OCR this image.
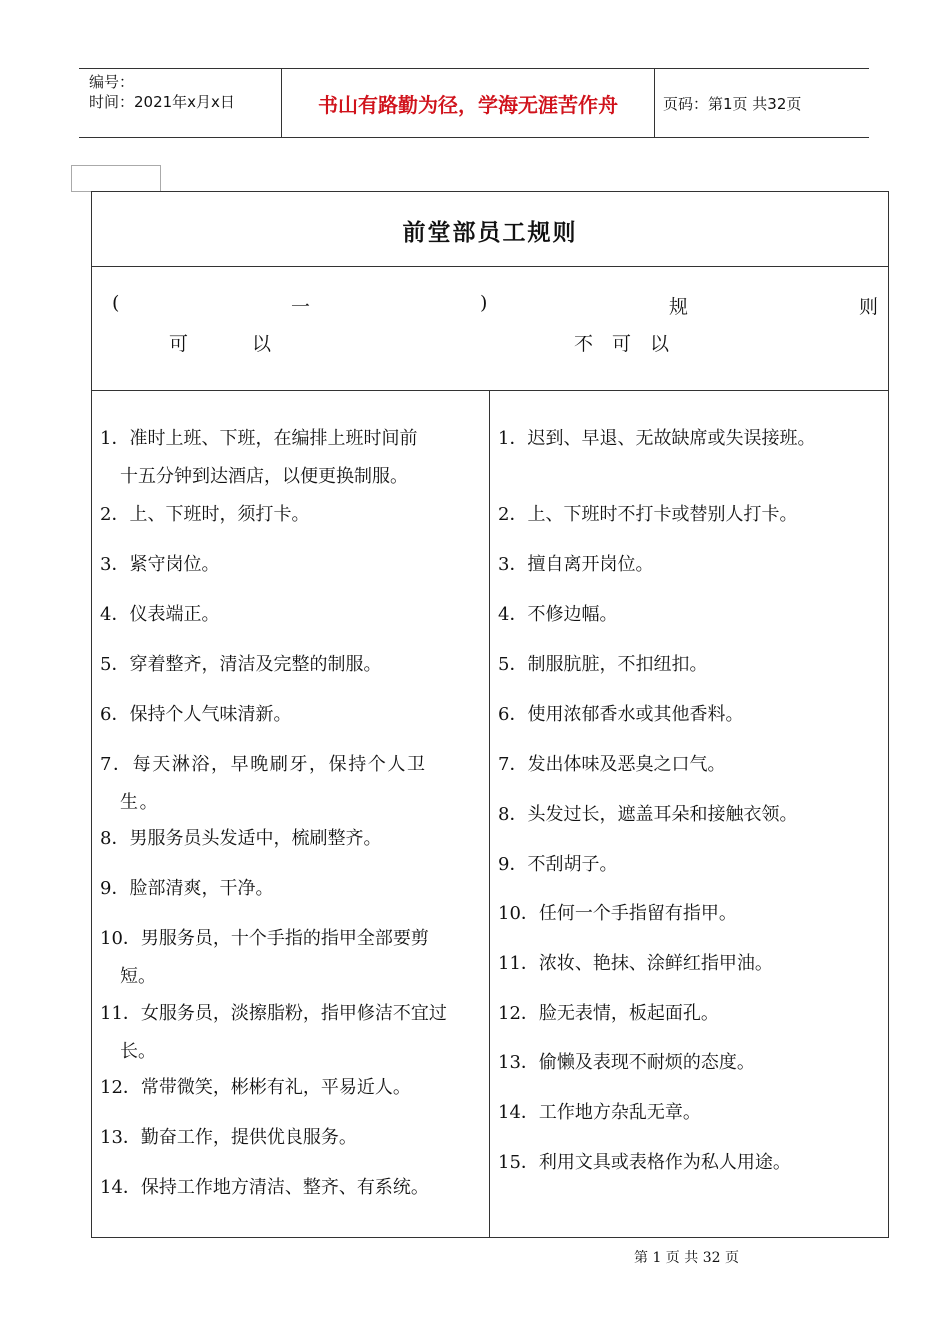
编号：
时间：2021年x月x日	书山有路勤为径，学海无涯苦作舟	页码：第1页 共32页
前堂部员工规则
(	一	)	规	则
可	以	不　可　以
1．准时上班、下班，在编排上班时间前
十五分钟到达酒店，以便更换制服。
2．上、下班时，须打卡。
3．紧守岗位。
4．仪表端正。
5．穿着整齐，清洁及完整的制服。
6．保持个人气味清新。
7．每天淋浴，早晚刷牙，保持个人卫
生。
8．男服务员头发适中，梳刷整齐。
9．脸部清爽，干净。
10．男服务员，十个手指的指甲全部要剪
短。
11．女服务员，淡擦脂粉，指甲修洁不宜过
长。
12．常带微笑，彬彬有礼，平易近人。
13．勤奋工作，提供优良服务。
14．保持工作地方清洁、整齐、有系统。
1．迟到、早退、无故缺席或失误接班。
2．上、下班时不打卡或替别人打卡。
3．擅自离开岗位。
4．不修边幅。
5．制服肮脏，不扣纽扣。
6．使用浓郁香水或其他香料。
7．发出体味及恶臭之口气。
8．头发过长，遮盖耳朵和接触衣领。
9．不刮胡子。
10．任何一个手指留有指甲。
11．浓妆、艳抹、涂鲜红指甲油。
12．脸无表情，板起面孔。
13．偷懒及表现不耐烦的态度。
14．工作地方杂乱无章。
15．利用文具或表格作为私人用途。
第 1 页 共 32 页
